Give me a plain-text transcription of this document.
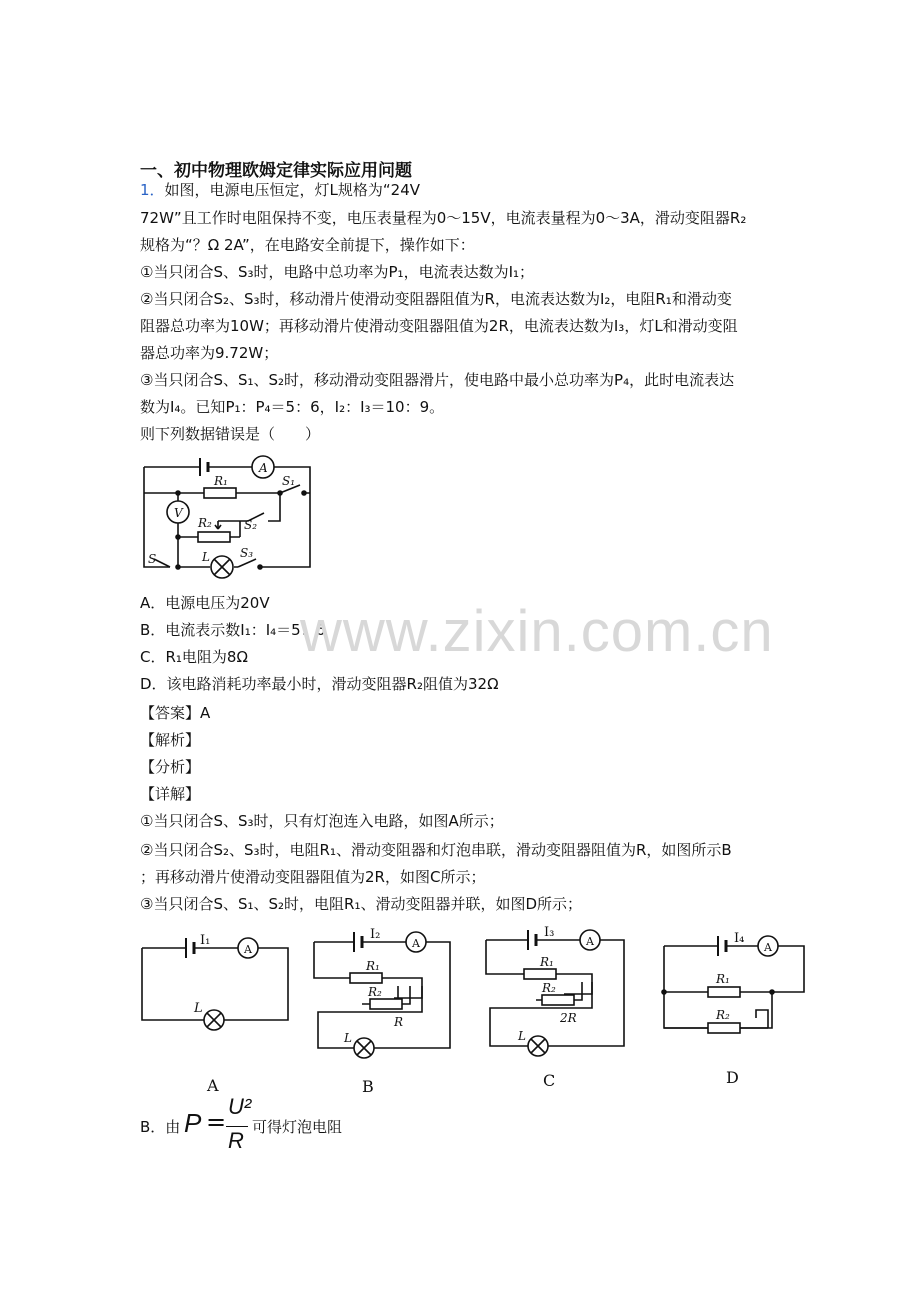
一、初中物理欧姆定律实际应用问题
1．如图，电源电压恒定，灯L规格为“24V
72W”且工作时电阻保持不变，电压表量程为0～15V，电流表量程为0～3A，滑动变阻器R₂
规格为“？Ω 2A”，在电路安全前提下，操作如下：
①当只闭合S、S₃时，电路中总功率为P₁，电流表达数为I₁；
②当只闭合S₂、S₃时，移动滑片使滑动变阻器阻值为R，电流表达数为I₂，电阻R₁和滑动变
阻器总功率为10W；再移动滑片使滑动变阻器阻值为2R，电流表达数为I₃，灯L和滑动变阻
器总功率为9.72W；
③当只闭合S、S₁、S₂时，移动滑动变阻器滑片，使电路中最小总功率为P₄，此时电流表达
数为I₄。已知P₁：P₄＝5：6，I₂：I₃＝10：9。
则下列数据错误是（　　）
A
V
R₁
R₂
S₁
S₂
S	L	S₃
A．电源电压为20V
B．电流表示数I₁：I₄＝5：6
C．R₁电阻为8Ω
D．该电路消耗功率最小时，滑动变阻器R₂阻值为32Ω
www.zixin.com.cn
【答案】A
【解析】
【分析】
【详解】
①当只闭合S、S₃时，只有灯泡连入电路，如图A所示；
②当只闭合S₂、S₃时，电阻R₁、滑动变阻器和灯泡串联，滑动变阻器阻值为R，如图所示B
；再移动滑片使滑动变阻器阻值为2R，如图C所示；
③当只闭合S、S₁、S₂时，电阻R₁、滑动变阻器并联，如图D所示；
I₁
A
L
A
I₂
A
R₁
R₂
R
L
B
I₃
A
R₁
R₂
2R
L
C
I₄
A
R₁
R₂
D
B．由 P =
U²
R
可得灯泡电阻
